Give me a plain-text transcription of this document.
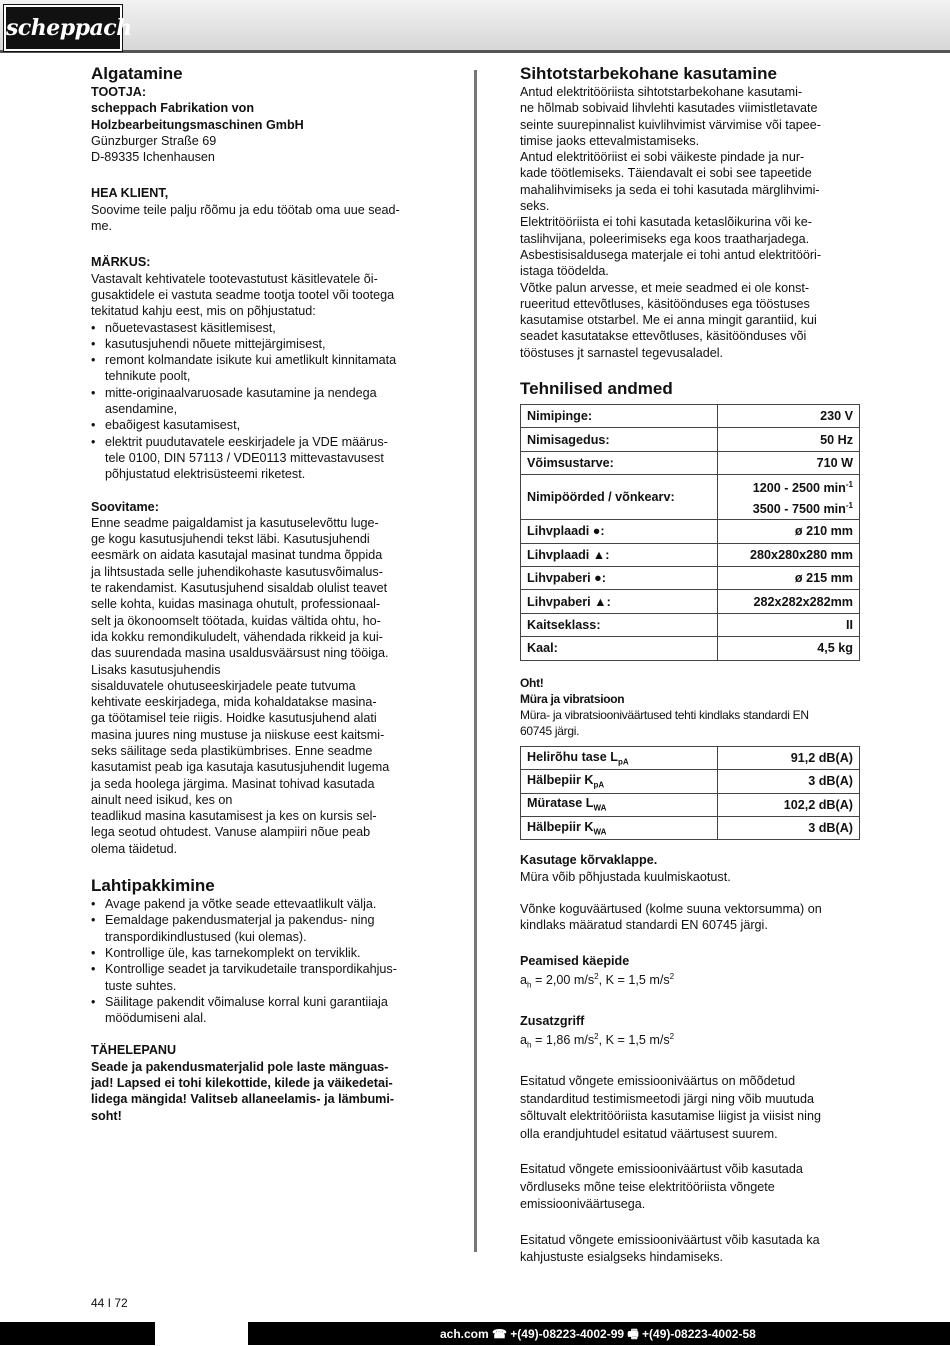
scheppach
Algatamine

TOOTJA:

scheppach Fabrikation von

Holzbearbeitungsmaschinen GmbH

Günzburger Straße 69

D-89335 Ichenhausen

HEA KLIENT,

Soovime teile palju rõõmu ja edu töötab oma uue sead-

me.

MÄRKUS:

Vastavalt kehtivatele tootevastutust käsitlevatele õi-

gusaktidele ei vastuta seadme tootja tootel või tootega

tekitatud kahju eest, mis on põhjustatud:

• nõuetevastasest käsitlemisest,
• kasutusjuhendi nõuete mittejärgimisest,
• remont kolmandate isikute kui ametlikult kinnitamata
tehnikute poolt,
• mitte-originaalvaruosade kasutamine ja nendega
asendamine,
• ebaõigest kasutamisest,
• elektrit puudutavatele eeskirjadele ja VDE määrus-
tele 0100, DIN 57113 / VDE0113 mittevastavusest
põhjustatud elektrisüsteemi riketest.

Soovitame:

Enne seadme paigaldamist ja kasutuselevõttu luge-

ge kogu kasutusjuhendi tekst läbi. Kasutusjuhendi

eesmärk on aidata kasutajal masinat tundma õppida

ja lihtsustada selle juhendikohaste kasutusvõimalus-

te rakendamist. Kasutusjuhend sisaldab olulist teavet

selle kohta, kuidas masinaga ohutult, professionaal-

selt ja ökonoomselt töötada, kuidas vältida ohtu, ho-

ida kokku remondikuludelt, vähendada rikkeid ja kui-

das suurendada masina usaldusväärsust ning tööiga.

Lisaks kasutusjuhendis

sisalduvatele ohutuseeskirjadele peate tutvuma

kehtivate eeskirjadega, mida kohaldatakse masina-

ga töötamisel teie riigis. Hoidke kasutusjuhend alati

masina juures ning mustuse ja niiskuse eest kaitsmi-

seks säilitage seda plastikümbrises. Enne seadme

kasutamist peab iga kasutaja kasutusjuhendit lugema

ja seda hoolega järgima. Masinat tohivad kasutada

ainult need isikud, kes on

teadlikud masina kasutamisest ja kes on kursis sel-

lega seotud ohtudest. Vanuse alampiiri nõue peab

olema täidetud.

Lahtipakkimine
• Avage pakend ja võtke seade ettevaatlikult välja.
• Eemaldage pakendusmaterjal ja pakendus- ning
transpordikindlustused (kui olemas).
• Kontrollige üle, kas tarnekomplekt on terviklik.
• Kontrollige seadet ja tarvikudetaile transpordikahjus-
tuste suhtes.
• Säilitage pakendit võimaluse korral kuni garantiiaja
möödumiseni alal.

TÄHELEPANU

Seade ja pakendusmaterjalid pole laste mänguas-

jad! Lapsed ei tohi kilekottide, kilede ja väikedetai-

lidega mängida! Valitseb allaneelamis- ja lämbumi-

soht!

Sihtotstarbekohane kasutamine

Antud elektritööriista sihtotstarbekohane kasutami-

ne hõlmab sobivaid lihvlehti kasutades viimistletavate

seinte suurepinnalist kuivlihvimist värvimise või tapee-

timise jaoks ettevalmistamiseks.

Antud elektritööriist ei sobi väikeste pindade ja nur-

kade töötlemiseks. Täiendavalt ei sobi see tapeetide

mahalihvimiseks ja seda ei tohi kasutada märglihvimi-

seks.

Elektritööriista ei tohi kasutada ketaslõikurina või ke-

taslihvijana, poleerimiseks ega koos traatharjadega.

Asbestisisaldusega materjale ei tohi antud elektritööri-

istaga töödelda.

Võtke palun arvesse, et meie seadmed ei ole konst-

rueeritud ettevõtluses, käsitöönduses ega tööstuses

kasutamise otstarbel. Me ei anna mingit garantiid, kui

seadet kasutatakse ettevõtluses, käsitöönduses või

tööstuses jt sarnastel tegevusaladel.

Tehnilised andmed
Nimipinge:	230 V
Nimisagedus:	50 Hz
Võimsustarve:	710 W
Nimipöörded / võnkearv:	1200 - 2500 $\min^{-1}$
3500 - 7500 $\min^{-1}$
Lihvplaadi ●:	ø 210 mm
Lihvplaadi ▲:	280x280x280 mm
Lihvpaberi ●:	ø 215 mm
Lihvpaberi ▲:	282x282x282mm
Kaitseklass:	II
Kaal:	4,5 kg

Oht!

Müra ja vibratsioon

Müra- ja vibratsiooniväärtused tehti kindlaks standardi EN

60745 järgi.

Helirõhu tase $L_{pA}$	91,2 dB(A)
Hälbepiir $K_{pA}$	3 dB(A)
Müratase $L_{WA}$	102,2 dB(A)
Hälbepiir $K_{WA}$	3 dB(A)

Kasutage kõrvaklappe.

Müra võib põhjustada kuulmiskaotust.

Võnke koguväärtused (kolme suuna vektorsumma) on

kindlaks määratud standardi EN 60745 järgi.

Peamised käepide

$a_h = 2,00$ $m/s^2$, K = 1,5 $m/s^2$

Zusatzgriff

$a_h = 1,86$ $m/s^2$, K = 1,5 $m/s^2$

Esitatud võngete emissiooniväärtus on mõõdetud

standarditud testimismeetodi järgi ning võib muutuda

sõltuvalt elektritööriista kasutamise liigist ja viisist ning

olla erandjuhtudel esitatud väärtusest suurem.

Esitatud võngete emissiooniväärtust võib kasutada

võrdluseks mõne teise elektritööriista võngete

emissiooniväärtusega.

Esitatud võngete emissiooniväärtust võib kasutada ka

kahjustuste esialgseks hindamiseks.

44 I 72
ach.com ☎ +(49)-08223-4002-99 🖷 +(49)-08223-4002-58
